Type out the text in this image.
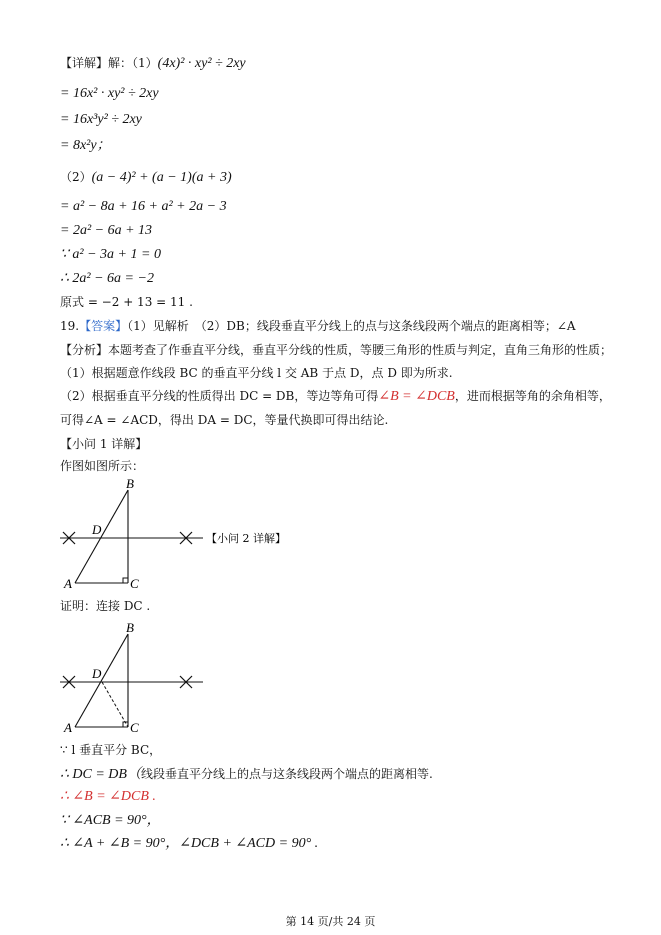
【详解】解：（1）(4x)² · xy² ÷ 2xy
= 16x² · xy² ÷ 2xy
= 16x³y² ÷ 2xy
= 8x²y；
（2）(a − 4)² + (a − 1)(a + 3)
= a² − 8a + 16 + a² + 2a − 3
= 2a² − 6a + 13
∵ a² − 3a + 1 = 0
∴ 2a² − 6a = −2
原式 = −2 + 13 = 11 .
19.【答案】（1）见解析　（2）DB；线段垂直平分线上的点与这条线段两个端点的距离相等；∠A
【分析】本题考查了作垂直平分线，垂直平分线的性质，等腰三角形的性质与判定，直角三角形的性质；
（1）根据题意作线段 BC 的垂直平分线 l 交 AB 于点 D，点 D 即为所求.
（2）根据垂直平分线的性质得出 DC = DB，等边等角可得∠B = ∠DCB，进而根据等角的余角相等，
可得∠A = ∠ACD，得出 DA = DC，等量代换即可得出结论.
【小问 1 详解】
作图如图所示：
B
D
A	C
【小问 2 详解】
证明：连接 DC .
B
D
A	C
∵ l 垂直平分 BC，
∴ DC = DB（线段垂直平分线上的点与这条线段两个端点的距离相等.
∴ ∠B = ∠DCB .
∵ ∠ACB = 90°，
∴ ∠A + ∠B = 90°，∠DCB + ∠ACD = 90° .
第 14 页/共 24 页
